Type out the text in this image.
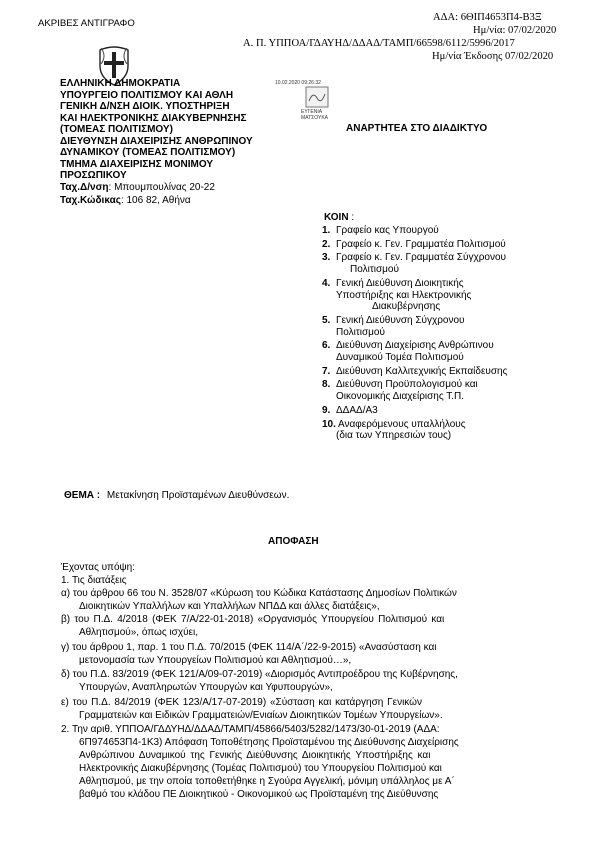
ΑΚΡΙΒΕΣ ΑΝΤΙΓΡΑΦΟ
ΑΔΑ: 6ΘΙΠ4653Π4-Β3Ξ
Ημ/νία: 07/02/2020
Α. Π. ΥΠΠΟΑ/ΓΔΑΥΗΔ/ΔΔΑΔ/ΤΑΜΠ/66598/6112/5996/2017
Ημ/νία Έκδοσης 07/02/2020
10.02.2020 09:26:32
ΕΥΓΕΝΙΑ ΜΑΤΣΟΥΚΑ
ΕΛΛΗΝΙΚΗ ΔΗΜΟΚΡΑΤΙΑ
ΥΠΟΥΡΓΕΙΟ ΠΟΛΙΤΙΣΜΟΥ ΚΑΙ ΑΘΛΗ
ΓΕΝΙΚΗ Δ/ΝΣΗ ΔΙΟΙΚ. ΥΠΟΣΤΗΡΙΞΗ
ΚΑΙ ΗΛΕΚΤΡΟΝΙΚΗΣ ΔΙΑΚΥΒΕΡΝΗΣΗΣ
(ΤΟΜΕΑΣ ΠΟΛΙΤΙΣΜΟΥ)
ΔΙΕΥΘΥΝΣΗ ΔΙΑΧΕΙΡΙΣΗΣ ΑΝΘΡΩΠΙΝΟΥ
ΔΥΝΑΜΙΚΟΥ (ΤΟΜΕΑΣ ΠΟΛΙΤΙΣΜΟΥ)
ΤΜΗΜΑ ΔΙΑΧΕΙΡΙΣΗΣ ΜΟΝΙΜΟΥ
ΠΡΟΣΩΠΙΚΟΥ
Ταχ.Δ/νση: Μπουμπουλίνας 20-22
Ταχ.Κώδικας: 106 82, Αθήνα
ΑΝΑΡΤΗΤΕΑ ΣΤΟ ΔΙΑΔΙΚΤΥΟ
ΚΟΙΝ :
1. Γραφείο κας Υπουργού
2. Γραφείο κ. Γεν. Γραμματέα Πολιτισμού
3. Γραφείο κ. Γεν. Γραμματέα Σύγχρονου
Πολιτισμού
4. Γενική Διεύθυνση Διοικητικής
Υποστήριξης και Ηλεκτρονικής
Διακυβέρνησης
5. Γενική Διεύθυνση Σύγχρονου
Πολιτισμού
6. Διεύθυνση Διαχείρισης Ανθρώπινου
Δυναμικού Τομέα Πολιτισμού
7. Διεύθυνση Καλλιτεχνικής Εκπαίδευσης
8. Διεύθυνση Προϋπολογισμού και
Οικονομικής Διαχείρισης Τ.Π.
9. ΔΔΑΔ/Α3
10. Αναφερόμενους υπαλλήλους
(δια των Υπηρεσιών τους)
ΘΕΜΑ : Μετακίνηση Προϊσταμένων Διευθύνσεων.
ΑΠΟΦΑΣΗ
Έχοντας υπόψη:
1. Τις διατάξεις
α) του άρθρου 66 του Ν. 3528/07 «Κύρωση του Κώδικα Κατάστασης Δημοσίων Πολιτικών
Διοικητικών Υπαλλήλων και Υπαλλήλων ΝΠΔΔ και άλλες διατάξεις»,
β) του Π.Δ. 4/2018 (ΦΕΚ 7/Α/22-01-2018) «Οργανισμός Υπουργείου Πολιτισμού και
Αθλητισμού», όπως ισχύει,
γ) του άρθρου 1, παρ. 1 του Π.Δ. 70/2015 (ΦΕΚ 114/Α΄/22-9-2015) «Ανασύσταση και
μετονομασία των Υπουργείων Πολιτισμού και Αθλητισμού…»,
δ) του Π.Δ. 83/2019 (ΦΕΚ 121/Α/09-07-2019) «Διορισμός Αντιπροέδρου της Κυβέρνησης,
Υπουργών, Αναπληρωτών Υπουργών και Υφυπουργών»,
ε) του Π.Δ. 84/2019 (ΦΕΚ 123/Α/17-07-2019) «Σύσταση και κατάργηση Γενικών
Γραμματειών και Ειδικών Γραμματειών/Ενιαίων Διοικητικών Τομέων Υπουργείων».
2. Την αριθ. ΥΠΠΟΑ/ΓΔΔΥΗΔ/ΔΔΑΔ/ΤΑΜΠ/45866/5403/5282/1473/30-01-2019 (ΑΔΑ:
6Π974653Π4-1Κ3) Απόφαση Τοποθέτησης Προϊσταμένου της Διεύθυνσης Διαχείρισης
Ανθρώπινου Δυναμικού της Γενικής Διεύθυνσης Διοικητικής Υποστήριξης και
Ηλεκτρονικής Διακυβέρνησης (Τομέας Πολιτισμού) του Υπουργείου Πολιτισμού και
Αθλητισμού, με την οποία τοποθετήθηκε η Σγούρα Αγγελική, μόνιμη υπάλληλος με Α΄
βαθμό του κλάδου ΠΕ Διοικητικού - Οικονομικού ως Προϊσταμένη της Διεύθυνσης
